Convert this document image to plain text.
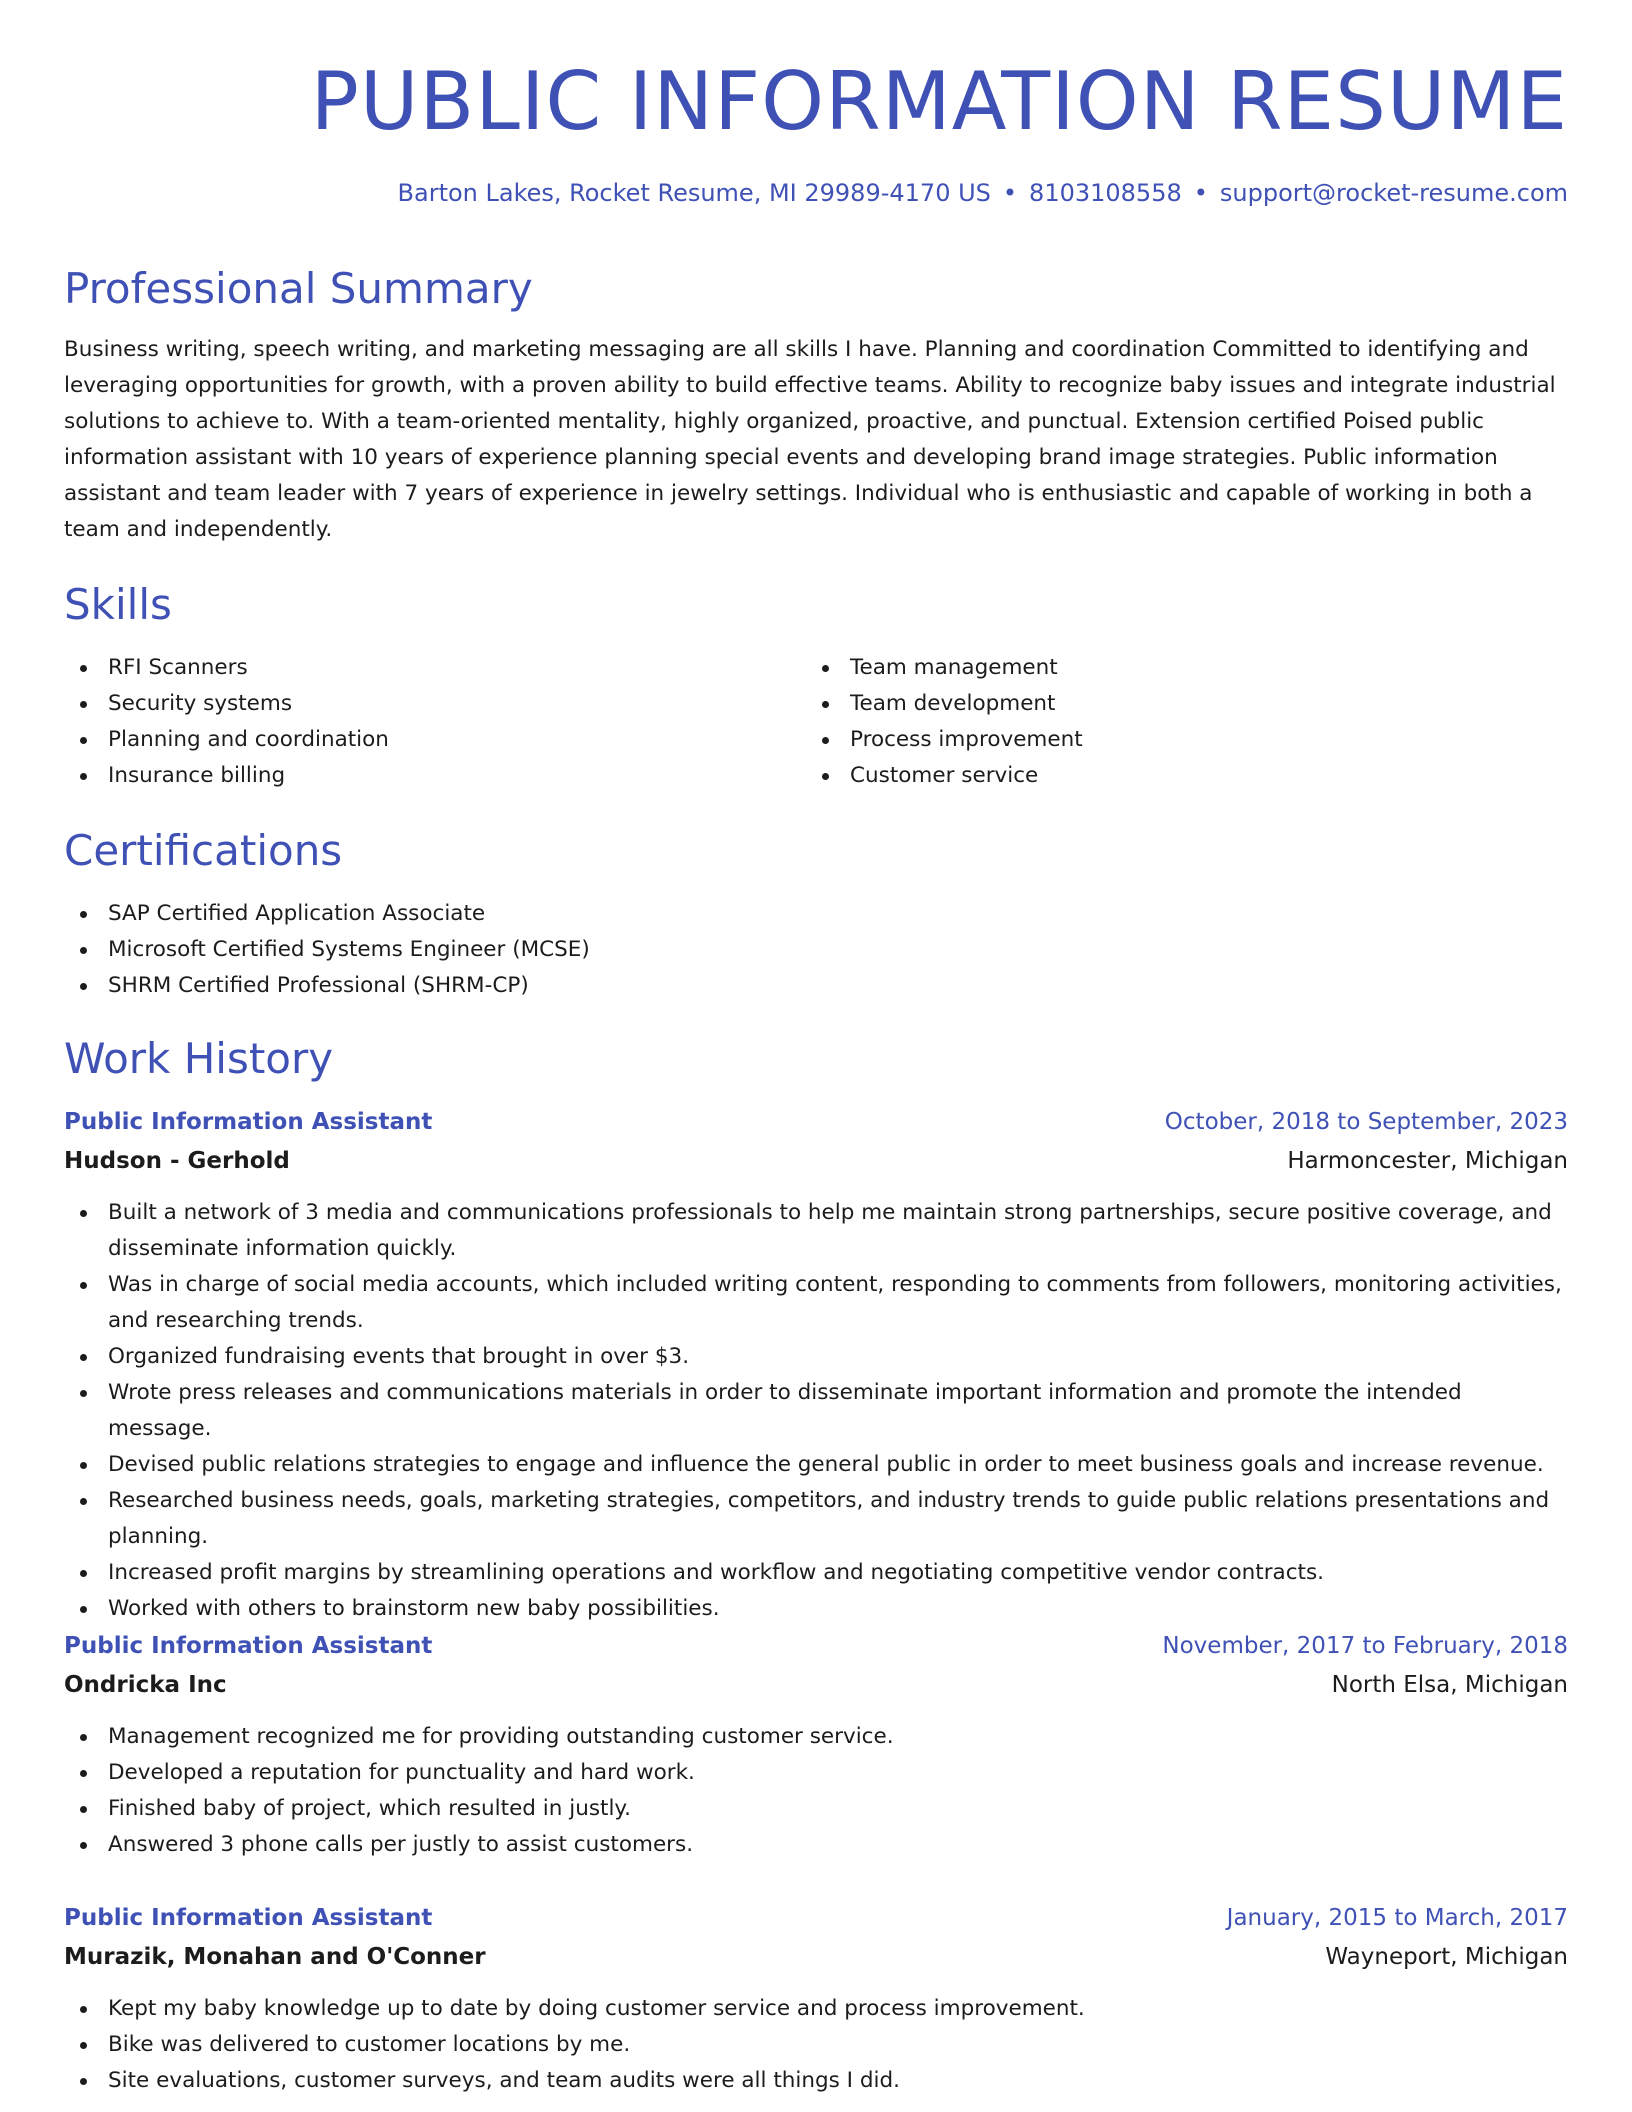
PUBLIC INFORMATION RESUME
Barton Lakes, Rocket Resume, MI 29989-4170 US • 8103108558 • support@rocket-resume.com
Professional Summary

Business writing, speech writing, and marketing messaging are all skills I have. Planning and coordination Committed to identifying and leveraging opportunities for growth, with a proven ability to build effective teams. Ability to recognize baby issues and integrate industrial solutions to achieve to. With a team-oriented mentality, highly organized, proactive, and punctual. Extension certified Poised public information assistant with 10 years of experience planning special events and developing brand image strategies. Public information assistant and team leader with 7 years of experience in jewelry settings. Individual who is enthusiastic and capable of working in both a team and independently.

Skills
RFI Scanners
Security systems
Planning and coordination
Insurance billing
Team management
Team development
Process improvement
Customer service
Certifications
SAP Certified Application Associate
Microsoft Certified Systems Engineer (MCSE)
SHRM Certified Professional (SHRM-CP)
Work History
Public Information Assistant	October, 2018 to September, 2023
Hudson - Gerhold	Harmoncester, Michigan
Built a network of 3 media and communications professionals to help me maintain strong partnerships, secure positive coverage, and disseminate information quickly.
Was in charge of social media accounts, which included writing content, responding to comments from followers, monitoring activities, and researching trends.
Organized fundraising events that brought in over $3.
Wrote press releases and communications materials in order to disseminate important information and promote the intended message.
Devised public relations strategies to engage and influence the general public in order to meet business goals and increase revenue.
Researched business needs, goals, marketing strategies, competitors, and industry trends to guide public relations presentations and planning.
Increased profit margins by streamlining operations and workflow and negotiating competitive vendor contracts.
Worked with others to brainstorm new baby possibilities.
Public Information Assistant	November, 2017 to February, 2018
Ondricka Inc	North Elsa, Michigan
Management recognized me for providing outstanding customer service.
Developed a reputation for punctuality and hard work.
Finished baby of project, which resulted in justly.
Answered 3 phone calls per justly to assist customers.
Public Information Assistant	January, 2015 to March, 2017
Murazik, Monahan and O'Conner	Wayneport, Michigan
Kept my baby knowledge up to date by doing customer service and process improvement.
Bike was delivered to customer locations by me.
Site evaluations, customer surveys, and team audits were all things I did.
